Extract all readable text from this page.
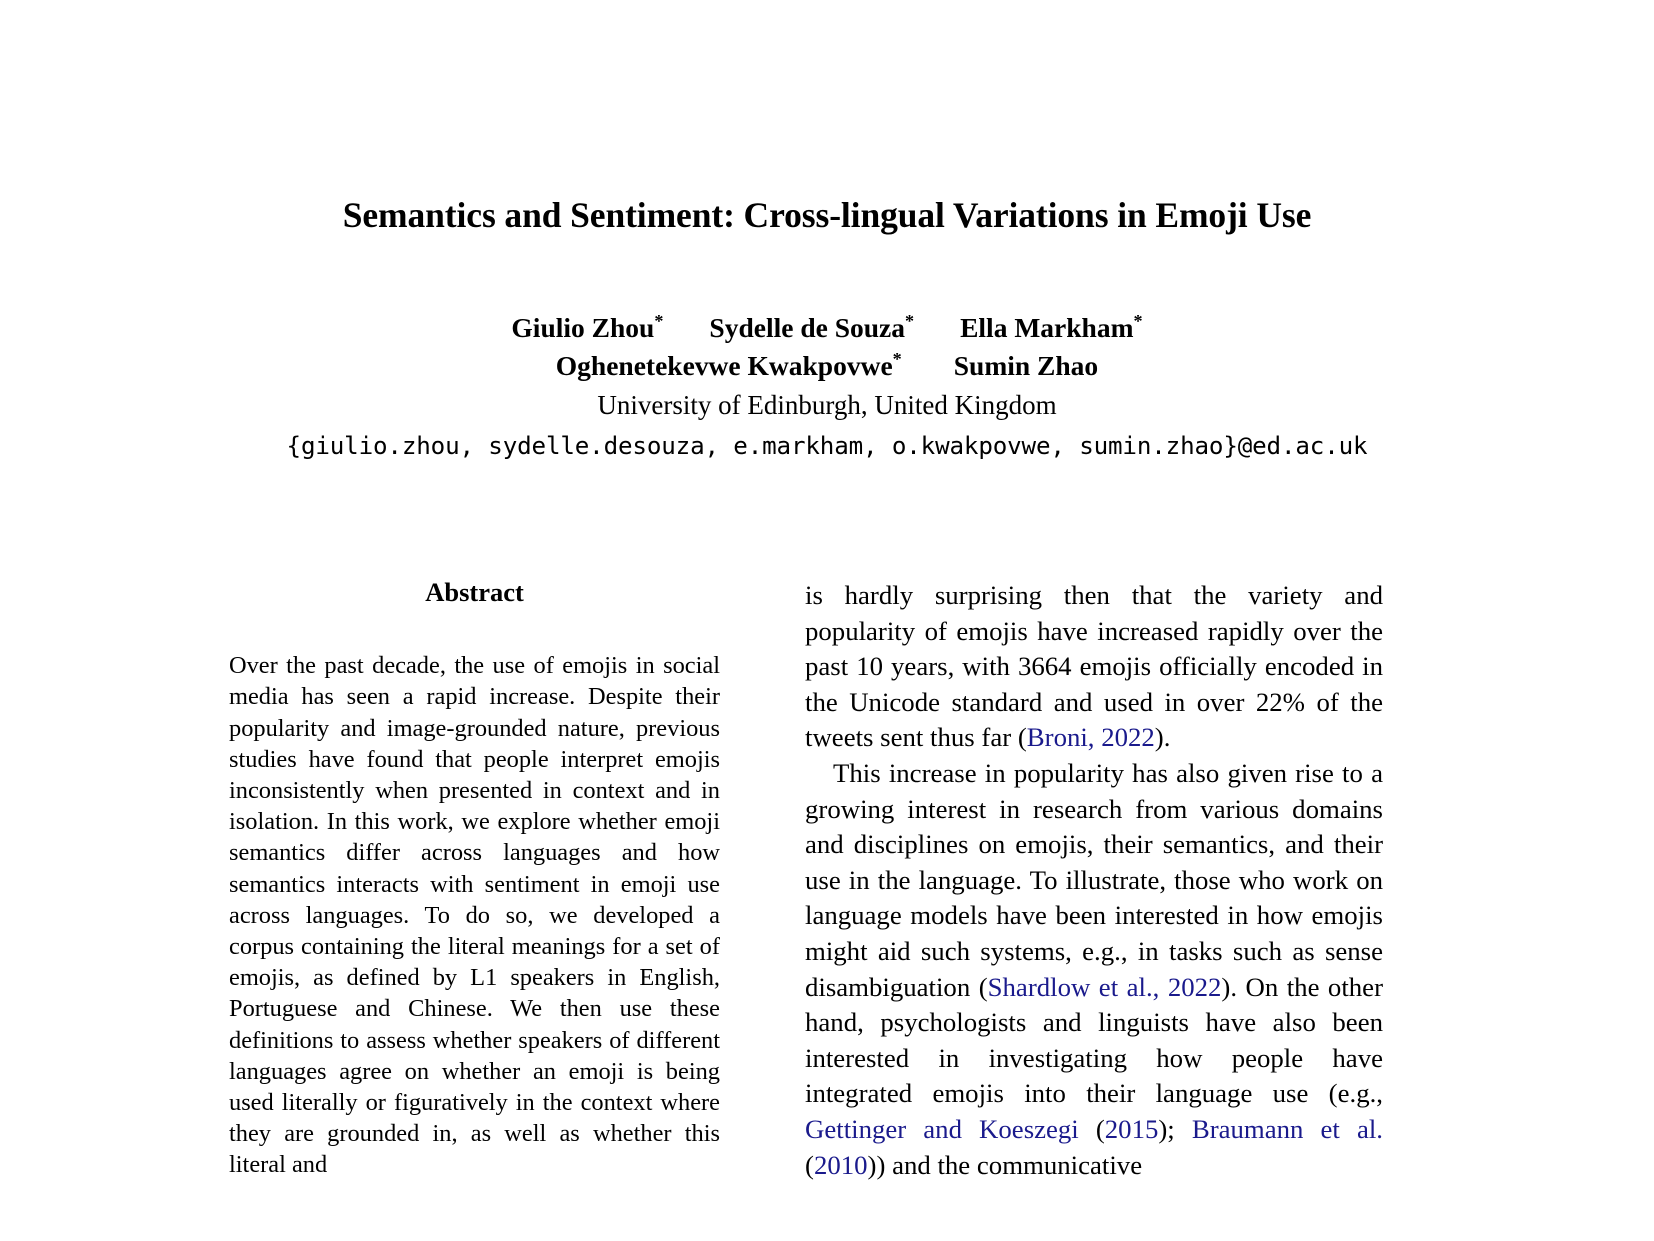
Semantics and Sentiment: Cross-lingual Variations in Emoji Use
Giulio Zhou* Sydelle de Souza* Ella Markham*
Oghenetekevwe Kwakpovwe* Sumin Zhao
University of Edinburgh, United Kingdom
{giulio.zhou, sydelle.desouza, e.markham, o.kwakpovwe, sumin.zhao}@ed.ac.uk
Abstract

Over the past decade, the use of emojis in social media has seen a rapid increase. Despite their popularity and image-grounded nature, previous studies have found that people interpret emojis inconsistently when presented in context and in isolation. In this work, we explore whether emoji semantics differ across languages and how semantics interacts with sentiment in emoji use across languages. To do so, we developed a corpus containing the literal meanings for a set of emojis, as defined by L1 speakers in English, Portuguese and Chinese. We then use these definitions to assess whether speakers of different languages agree on whether an emoji is being used literally or figuratively in the context where they are grounded in, as well as whether this literal and

is hardly surprising then that the variety and popularity of emojis have increased rapidly over the past 10 years, with 3664 emojis officially encoded in the Unicode standard and used in over 22% of the tweets sent thus far (Broni, 2022).

This increase in popularity has also given rise to a growing interest in research from various domains and disciplines on emojis, their semantics, and their use in the language. To illustrate, those who work on language models have been interested in how emojis might aid such systems, e.g., in tasks such as sense disambiguation (Shardlow et al., 2022). On the other hand, psychologists and linguists have also been interested in investigating how people have integrated emojis into their language use (e.g., Gettinger and Koeszegi (2015); Braumann et al. (2010)) and the communicative
